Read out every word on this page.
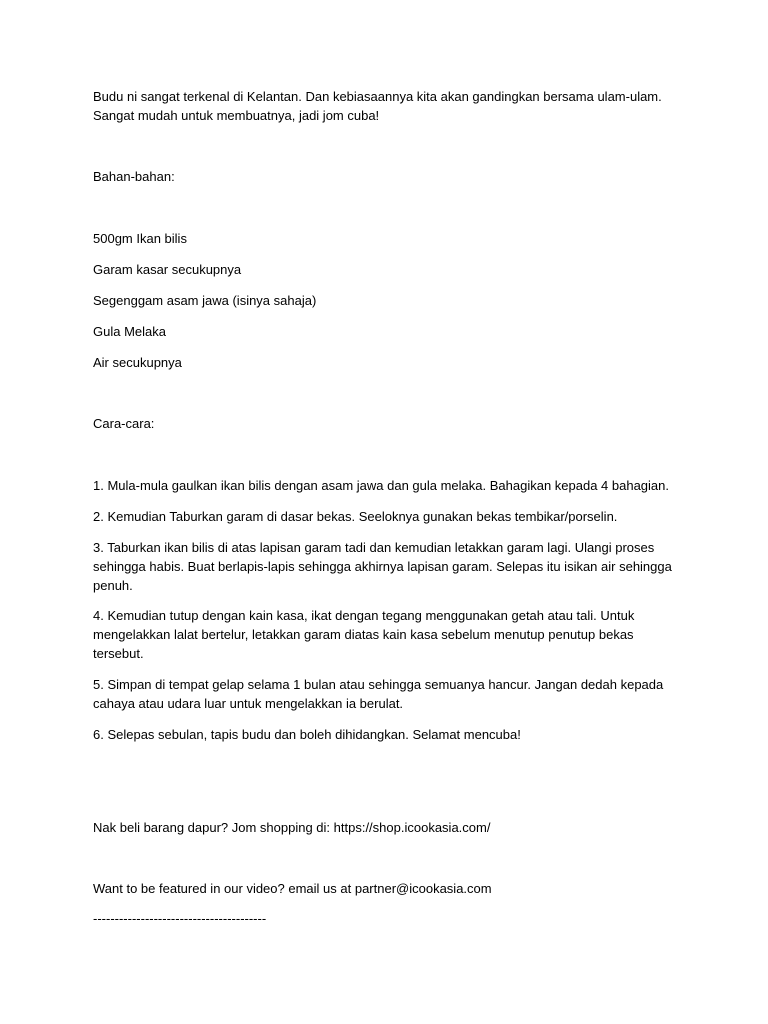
Budu ni sangat terkenal di Kelantan. Dan kebiasaannya kita akan gandingkan bersama ulam-ulam. Sangat mudah untuk membuatnya, jadi jom cuba!

Bahan-bahan:

500gm Ikan bilis

Garam kasar secukupnya

Segenggam asam jawa (isinya sahaja)

Gula Melaka

Air secukupnya

Cara-cara:

1. Mula-mula gaulkan ikan bilis dengan asam jawa dan gula melaka. Bahagikan kepada 4 bahagian.

2. Kemudian Taburkan garam di dasar bekas. Seeloknya gunakan bekas tembikar/porselin.

3. Taburkan ikan bilis di atas lapisan garam tadi dan kemudian letakkan garam lagi. Ulangi proses sehingga habis. Buat berlapis-lapis sehingga akhirnya lapisan garam. Selepas itu isikan air sehingga penuh.

4. Kemudian tutup dengan kain kasa, ikat dengan tegang menggunakan getah atau tali. Untuk mengelakkan lalat bertelur, letakkan garam diatas kain kasa sebelum menutup penutup bekas tersebut.

5. Simpan di tempat gelap selama 1 bulan atau sehingga semuanya hancur. Jangan dedah kepada cahaya atau udara luar untuk mengelakkan ia berulat.

6. Selepas sebulan, tapis budu dan boleh dihidangkan. Selamat mencuba!

Nak beli barang dapur? Jom shopping di: https://shop.icookasia.com/

Want to be featured in our video? email us at partner@icookasia.com

----------------------------------------
